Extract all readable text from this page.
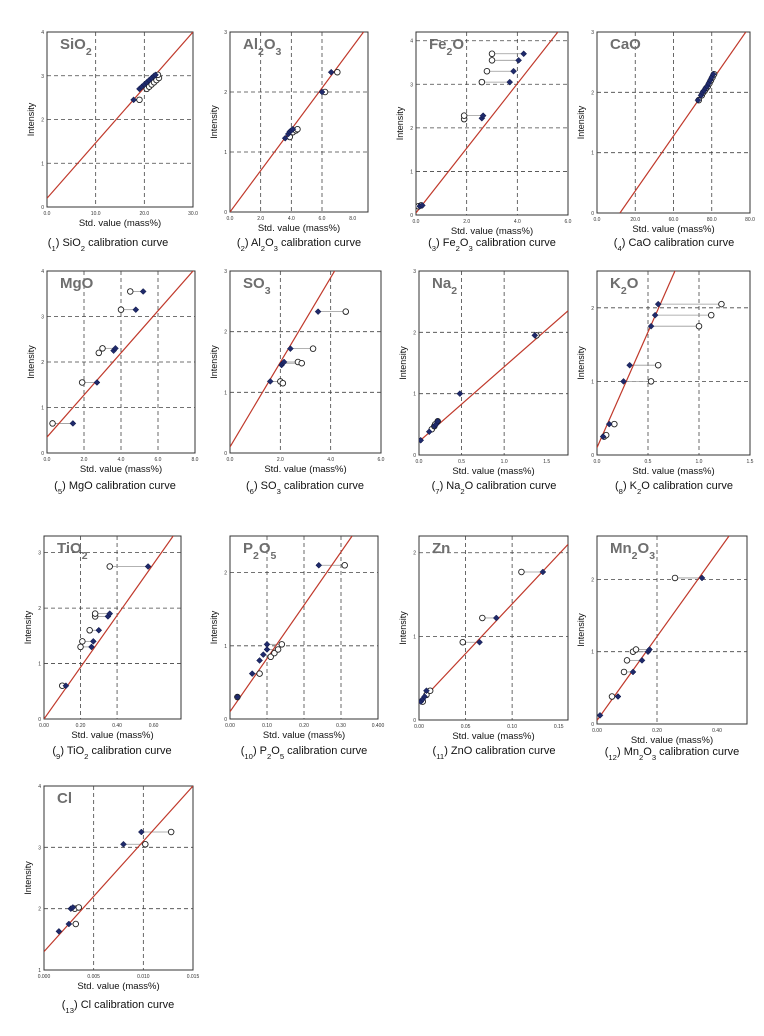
0.0	10.0	20.0	30.0
0
1
2
3
4
SiO$_2$
Intensity
Std. value (mass%)
$(_1)$ SiO$_2$ calibration curve
0.0	2.0	4.0	6.0	8.0
0
1
2
3
$Al_2O_3$
Intensity
Std. value (mass%)
$(_2)$ $Al_2O_3$ calibration curve
0.0	2.0	4.0	6.0
0
1
2
3
4 $Fe_2O$
Intensity
Std. value (mass%)
$(_3)$ $Fe_2O_3$ calibration curve
0.0	20.0	60.0	80.0	80.0
0
1
2
3
CaO
Intensity
Std. value (mass%)
$(_4)$ CaO calibration curve
0.0	2.0	4.0	6.0	8.0
0
1
2
3
4
MgO
Intensity
Std. value (mass%)
$(_5)$ MgO calibration curve
0.0	2.0	4.0	6.0
0
1
2
3
$SO_3$
Intensity
Std. value (mass%)
$(_6)$ $SO_3$ calibration curve
0.0	0.5	1.0	1.5
0
1
2
3
$Na_2$
Intensity
Std. value (mass%)
$(_7)$ $Na_2O$ calibration curve
0.0	0.5	1.0	1.5
0
1
2
$K_2O$
Intensity
Std. value (mass%)
$(_8)$ $K_2O$ calibration curve
0.00	0.20	0.40	0.60
0
1
2
3 TiO$_2$
Intensity
Std. value (mass%)
$(_9)$ TiO$_2$ calibration curve
0.00	0.10	0.20	0.30	0.400
0
1
2
$P_2O_5$
Intensity
Std. value (mass%)
$(_{10})$ $P_2O_5$ calibration curve
0.00	0.05	0.10	0.15
0
1
2 Zn
Intensity
Std. value (mass%)
$(_{11})$ ZnO calibration curve
0.00	0.20	0.40
0
1
2
$Mn_2O_3$
Intensity
Std. value (mass%)
$(_{12})$ $Mn_2O_3$ calibration curve
0.000	0.005	0.010	0.015
1
2
3
4
Cl
Intensity
Std. value (mass%)
$(_{13})$ Cl calibration curve
